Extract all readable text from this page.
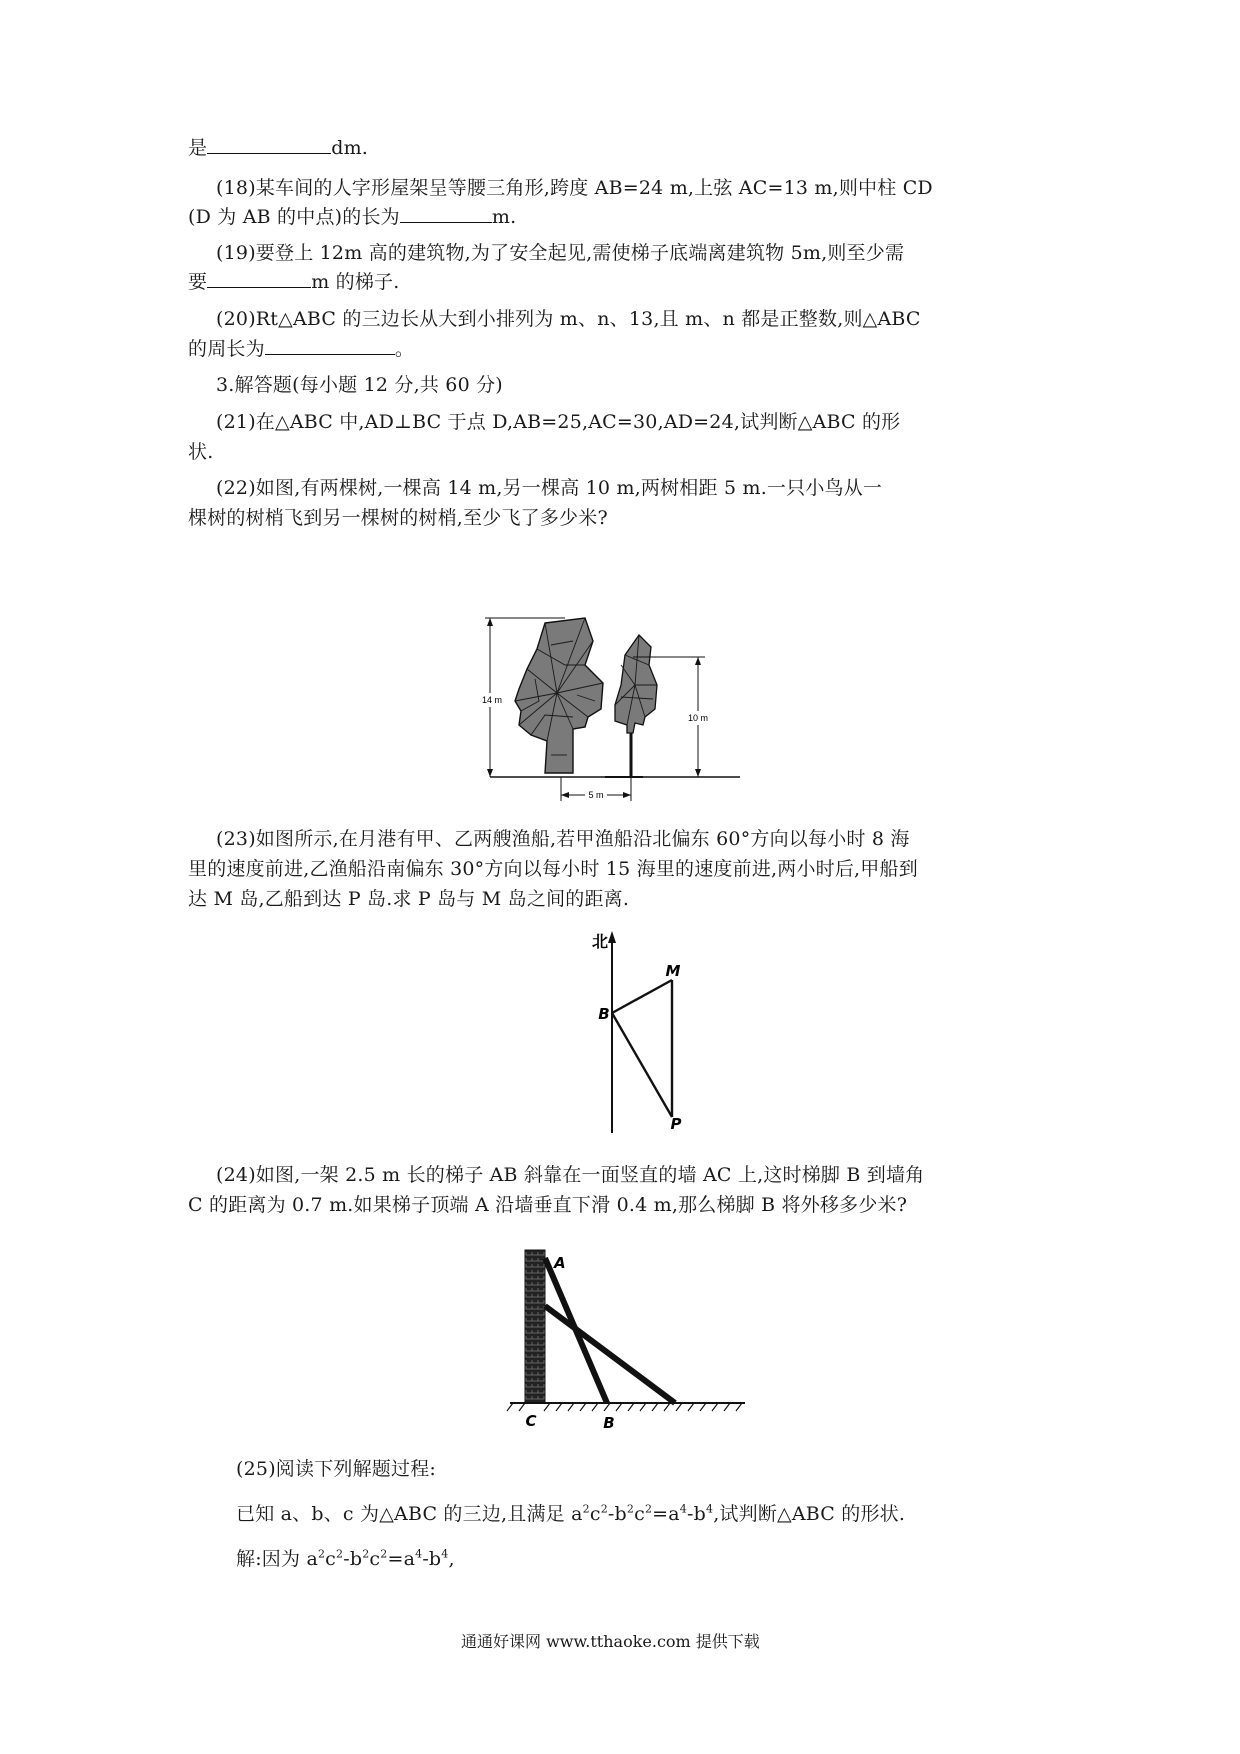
是	dm.
(18)某车间的人字形屋架呈等腰三角形,跨度 AB=24 m,上弦 AC=13 m,则中柱 CD
(D 为 AB 的中点)的长为	m.
(19)要登上 12m 高的建筑物,为了安全起见,需使梯子底端离建筑物 5m,则至少需
要	m 的梯子.
(20)Rt△ABC 的三边长从大到小排列为 m、n、13,且 m、n 都是正整数,则△ABC
的周长为	。
3.解答题(每小题 12 分,共 60 分)
(21)在△ABC 中,AD⊥BC 于点 D,AB=25,AC=30,AD=24,试判断△ABC 的形
状.
(22)如图,有两棵树,一棵高 14 m,另一棵高 10 m,两树相距 5 m.一只小鸟从一
棵树的树梢飞到另一棵树的树梢,至少飞了多少米?
14 m
10 m
5 m
(23)如图所示,在月港有甲、乙两艘渔船,若甲渔船沿北偏东 60°方向以每小时 8 海
里的速度前进,乙渔船沿南偏东 30°方向以每小时 15 海里的速度前进,两小时后,甲船到
达 M 岛,乙船到达 P 岛.求 P 岛与 M 岛之间的距离.
北
M
B
P
(24)如图,一架 2.5 m 长的梯子 AB 斜靠在一面竖直的墙 AC 上,这时梯脚 B 到墙角
C 的距离为 0.7 m.如果梯子顶端 A 沿墙垂直下滑 0.4 m,那么梯脚 B 将外移多少米?
A
C	B
(25)阅读下列解题过程:
已知 a、b、c 为△ABC 的三边,且满足 $a^2c^2-b^2c^2=a^4-b^4$,试判断△ABC 的形状.
解:因为 $a^2c^2-b^2c^2=a^4-b^4$,
通通好课网 www.tthaoke.com 提供下载
